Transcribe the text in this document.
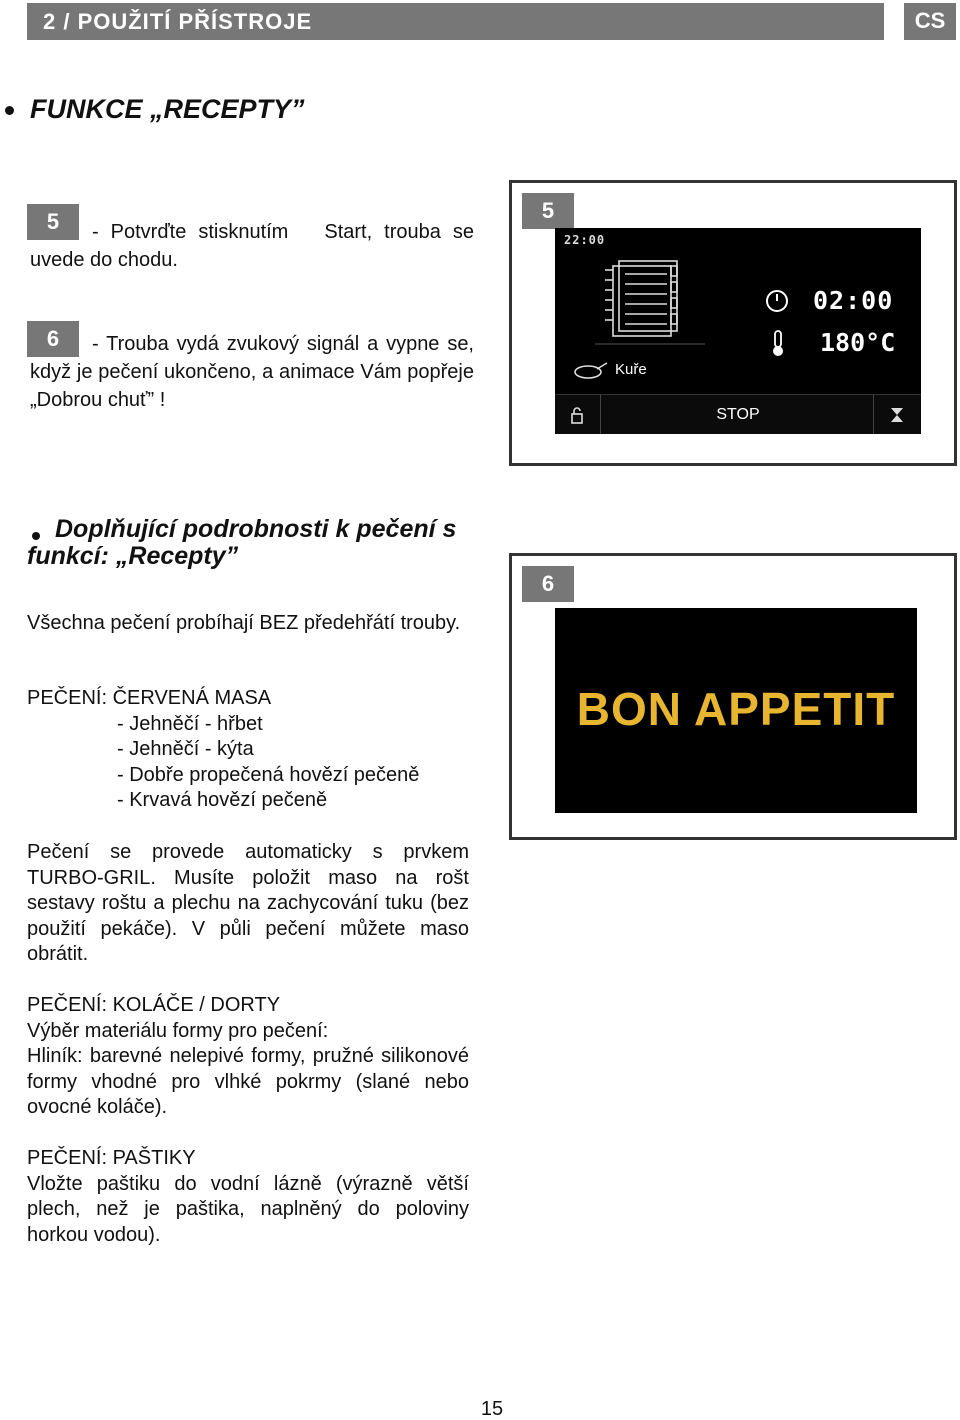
2 / POUŽITÍ PŘÍSTROJE	CS
FUNKCE „RECEPTY”
5	- Potvrďte stisknutím Start, trouba se uvede do chodu.
6	- Trouba vydá zvukový signál a vypne se, když je pečení ukončeno, a animace Vám popřeje „Dobrou chuť” !
Doplňující podrobnosti k pečení s funkcí: „Recepty”
Všechna pečení probíhají BEZ předehřátí trouby.
PEČENÍ: ČERVENÁ MASA
- Jehněčí - hřbet
- Jehněčí - kýta
- Dobře propečená hovězí pečeně
- Krvavá hovězí pečeně
Pečení se provede automaticky s prvkem TURBO-GRIL. Musíte položit maso na rošt sestavy roštu a plechu na zachycování tuku (bez použití pekáče). V půli pečení můžete maso obrátit.
PEČENÍ: KOLÁČE / DORTY
Výběr materiálu formy pro pečení:
Hliník: barevné nelepivé formy, pružné silikonové formy vhodné pro vlhké pokrmy (slané nebo ovocné koláče).
PEČENÍ: PAŠTIKY
Vložte paštiku do vodní lázně (výrazně větší plech, než je paštika, naplněný do poloviny horkou vodou).
5
22:00
02:00
180°C
Kuře
STOP
6
BON APPETIT
15
